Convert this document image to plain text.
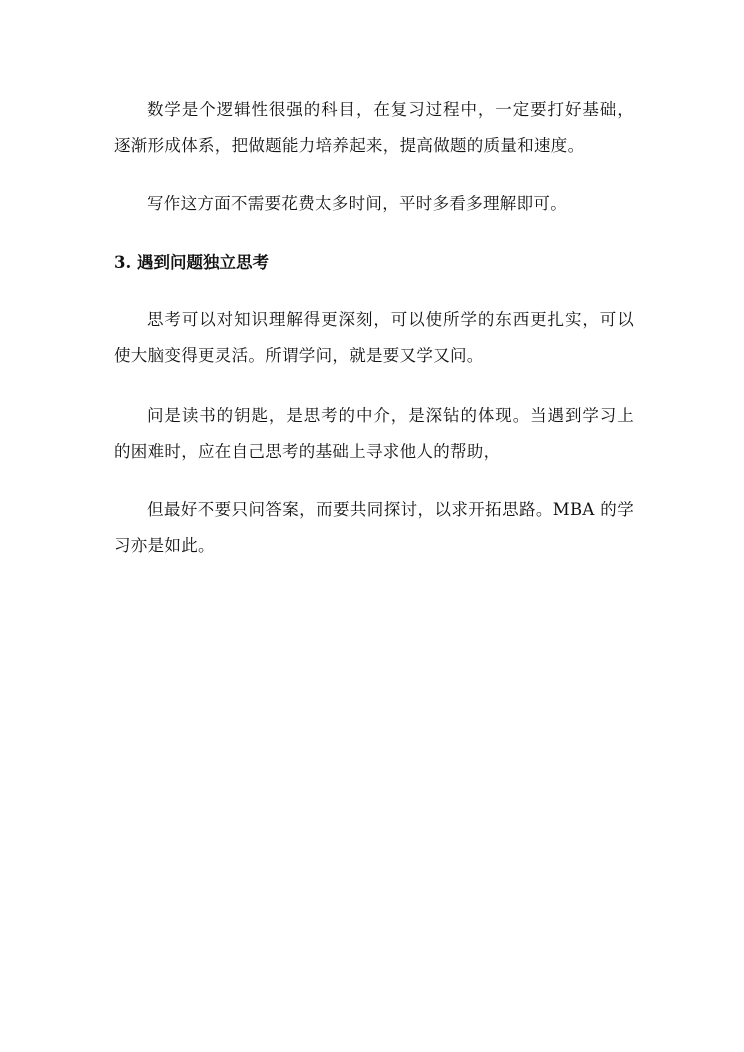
数学是个逻辑性很强的科目，在复习过程中，一定要打好基础，逐渐形成体系，把做题能力培养起来，提高做题的质量和速度。

写作这方面不需要花费太多时间，平时多看多理解即可。

3. 遇到问题独立思考

思考可以对知识理解得更深刻，可以使所学的东西更扎实，可以使大脑变得更灵活。所谓学问，就是要又学又问。

问是读书的钥匙，是思考的中介，是深钻的体现。当遇到学习上的困难时，应在自己思考的基础上寻求他人的帮助，

但最好不要只问答案，而要共同探讨，以求开拓思路。MBA 的学习亦是如此。
